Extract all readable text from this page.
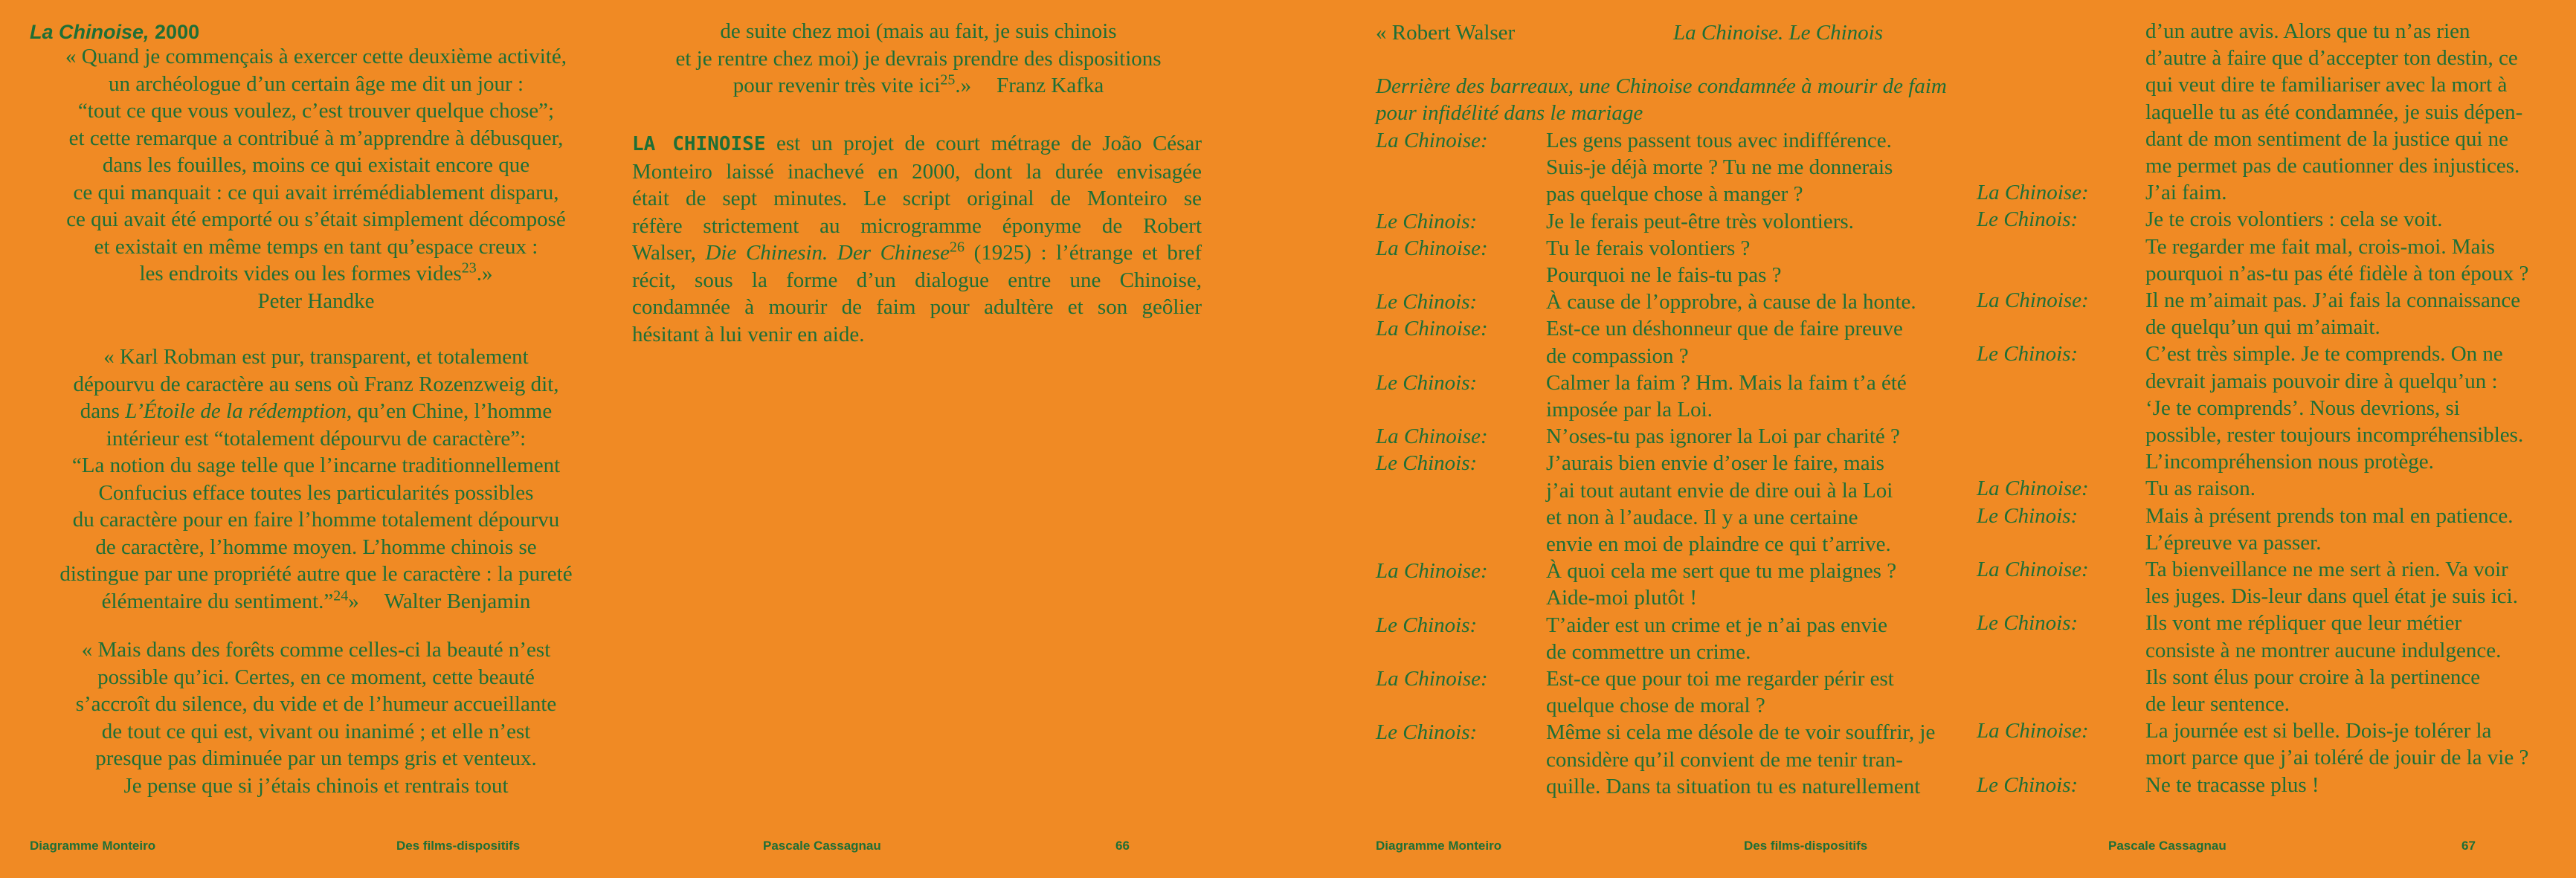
La Chinoise, 2000
« Quand je commençais à exercer cette deuxième activité,
un archéologue d’un certain âge me dit un jour :
“tout ce que vous voulez, c’est trouver quelque chose”;
et cette remarque a contribué à m’apprendre à débusquer,
dans les fouilles, moins ce qui existait encore que
ce qui manquait : ce qui avait irrémédiablement disparu,
ce qui avait été emporté ou s’était simplement décomposé
et existait en même temps en tant qu’espace creux :
les endroits vides ou les formes vides$^{23}$.»
Peter Handke
« Karl Robman est pur, transparent, et totalement
dépourvu de caractère au sens où Franz Rozenzweig dit,
dans L’Étoile de la rédemption, qu’en Chine, l’homme
intérieur est “totalement dépourvu de caractère”:
“La notion du sage telle que l’incarne traditionnellement
Confucius efface toutes les particularités possibles
du caractère pour en faire l’homme totalement dépourvu
de caractère, l’homme moyen. L’homme chinois se
distingue par une propriété autre que le caractère : la pureté
élémentaire du sentiment.”$^{24}$» Walter Benjamin
« Mais dans des forêts comme celles-ci la beauté n’est
possible qu’ici. Certes, en ce moment, cette beauté
s’accroît du silence, du vide et de l’humeur accueillante
de tout ce qui est, vivant ou inanimé ; et elle n’est
presque pas diminuée par un temps gris et venteux.
Je pense que si j’étais chinois et rentrais tout
de suite chez moi (mais au fait, je suis chinois
et je rentre chez moi) je devrais prendre des dispositions
pour revenir très vite ici$^{25}$.» Franz Kafka
LA CHINOISE est un projet de court métrage de João César
Monteiro laissé inachevé en 2000, dont la durée envisagée
était de sept minutes. Le script original de Monteiro se
réfère strictement au microgramme éponyme de Robert
Walser, Die Chinesin. Der Chinese$^{26}$ (1925) : l’étrange et bref
récit, sous la forme d’un dialogue entre une Chinoise,
condamnée à mourir de faim pour adultère et son geôlier
hésitant à lui venir en aide.
Diagramme Monteiro	Des films-dispositifs	Pascale Cassagnau	66
« Robert Walser	La Chinoise. Le Chinois
Derrière des barreaux, une Chinoise condamnée à mourir de faim
pour infidélité dans le mariage
La Chinoise:	Les gens passent tous avec indifférence.
Suis-je déjà morte ? Tu ne me donnerais
pas quelque chose à manger ?
Le Chinois:	Je le ferais peut-être très volontiers.
La Chinoise:	Tu le ferais volontiers ?
Pourquoi ne le fais-tu pas ?
Le Chinois:	À cause de l’opprobre, à cause de la honte.
La Chinoise:	Est-ce un déshonneur que de faire preuve
de compassion ?
Le Chinois:	Calmer la faim ? Hm. Mais la faim t’a été
imposée par la Loi.
La Chinoise:	N’oses-tu pas ignorer la Loi par charité ?
Le Chinois:	J’aurais bien envie d’oser le faire, mais
j’ai tout autant envie de dire oui à la Loi
et non à l’audace. Il y a une certaine
envie en moi de plaindre ce qui t’arrive.
La Chinoise:	À quoi cela me sert que tu me plaignes ?
Aide-moi plutôt !
Le Chinois:	T’aider est un crime et je n’ai pas envie
de commettre un crime.
La Chinoise:	Est-ce que pour toi me regarder périr est
quelque chose de moral ?
Le Chinois:	Même si cela me désole de te voir souffrir, je
considère qu’il convient de me tenir tran-
quille. Dans ta situation tu es naturellement
d’un autre avis. Alors que tu n’as rien
d’autre à faire que d’accepter ton destin, ce
qui veut dire te familiariser avec la mort à
laquelle tu as été condamnée, je suis dépen-
dant de mon sentiment de la justice qui ne
me permet pas de cautionner des injustices.
La Chinoise:	J’ai faim.
Le Chinois:	Je te crois volontiers : cela se voit.
Te regarder me fait mal, crois-moi. Mais
pourquoi n’as-tu pas été fidèle à ton époux ?
La Chinoise:	Il ne m’aimait pas. J’ai fais la connaissance
de quelqu’un qui m’aimait.
Le Chinois:	C’est très simple. Je te comprends. On ne
devrait jamais pouvoir dire à quelqu’un :
‘Je te comprends’. Nous devrions, si
possible, rester toujours incompréhensibles.
L’incompréhension nous protège.
La Chinoise:	Tu as raison.
Le Chinois:	Mais à présent prends ton mal en patience.
L’épreuve va passer.
La Chinoise:	Ta bienveillance ne me sert à rien. Va voir
les juges. Dis-leur dans quel état je suis ici.
Le Chinois:	Ils vont me répliquer que leur métier
consiste à ne montrer aucune indulgence.
Ils sont élus pour croire à la pertinence
de leur sentence.
La Chinoise:	La journée est si belle. Dois-je tolérer la
mort parce que j’ai toléré de jouir de la vie ?
Le Chinois:	Ne te tracasse plus !
Diagramme Monteiro	Des films-dispositifs	Pascale Cassagnau	67
